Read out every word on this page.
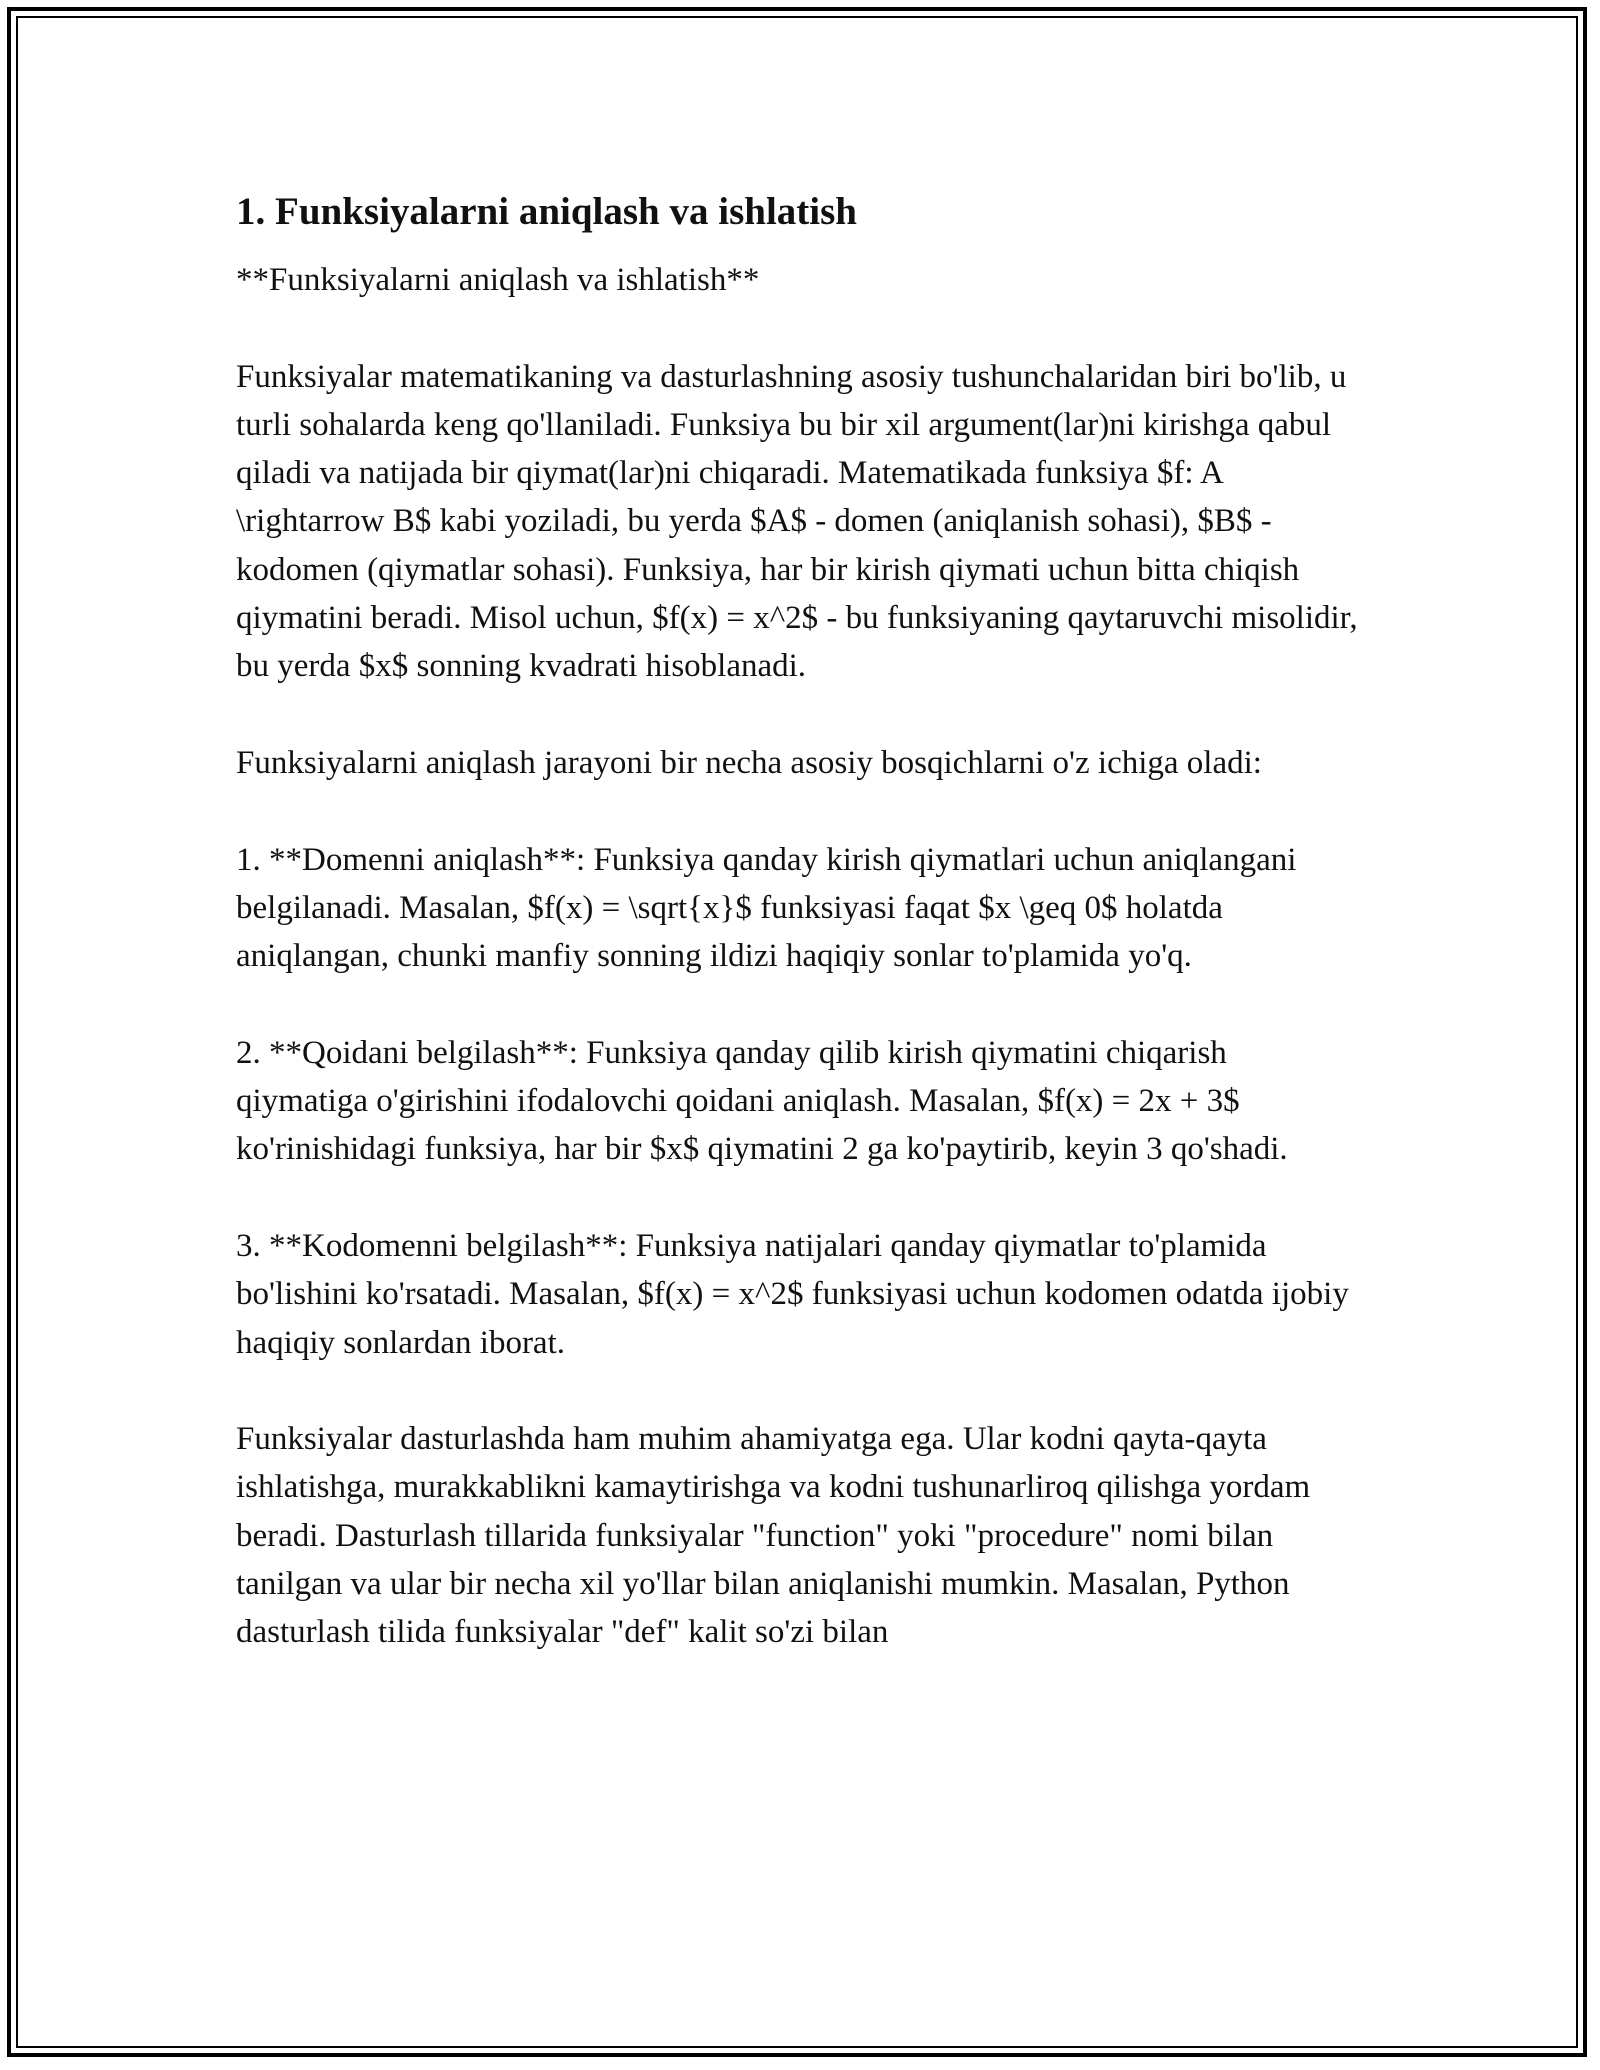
1. Funksiyalarni aniqlash va ishlatish

**Funksiyalarni aniqlash va ishlatish**

Funksiyalar matematikaning va dasturlashning asosiy tushunchalaridan biri bo'lib, u turli sohalarda keng qo'llaniladi. Funksiya bu bir xil argument(lar)ni kirishga qabul qiladi va natijada bir qiymat(lar)ni chiqaradi. Matematikada funksiya $f: A \rightarrow B$ kabi yoziladi, bu yerda $A$ - domen (aniqlanish sohasi), $B$ - kodomen (qiymatlar sohasi). Funksiya, har bir kirish qiymati uchun bitta chiqish qiymatini beradi. Misol uchun, $f(x) = x^2$ - bu funksiyaning qaytaruvchi misolidir, bu yerda $x$ sonning kvadrati hisoblanadi.

Funksiyalarni aniqlash jarayoni bir necha asosiy bosqichlarni o'z ichiga oladi:

1. **Domenni aniqlash**: Funksiya qanday kirish qiymatlari uchun aniqlangani belgilanadi. Masalan, $f(x) = \sqrt{x}$ funksiyasi faqat $x \geq 0$ holatda aniqlangan, chunki manfiy sonning ildizi haqiqiy sonlar to'plamida yo'q.

2. **Qoidani belgilash**: Funksiya qanday qilib kirish qiymatini chiqarish qiymatiga o'girishini ifodalovchi qoidani aniqlash. Masalan, $f(x) = 2x + 3$ ko'rinishidagi funksiya, har bir $x$ qiymatini 2 ga ko'paytirib, keyin 3 qo'shadi.

3. **Kodomenni belgilash**: Funksiya natijalari qanday qiymatlar to'plamida bo'lishini ko'rsatadi. Masalan, $f(x) = x^2$ funksiyasi uchun kodomen odatda ijobiy haqiqiy sonlardan iborat.

Funksiyalar dasturlashda ham muhim ahamiyatga ega. Ular kodni qayta-qayta ishlatishga, murakkablikni kamaytirishga va kodni tushunarliroq qilishga yordam beradi. Dasturlash tillarida funksiyalar "function" yoki "procedure" nomi bilan tanilgan va ular bir necha xil yo'llar bilan aniqlanishi mumkin. Masalan, Python dasturlash tilida funksiyalar "def" kalit so'zi bilan
